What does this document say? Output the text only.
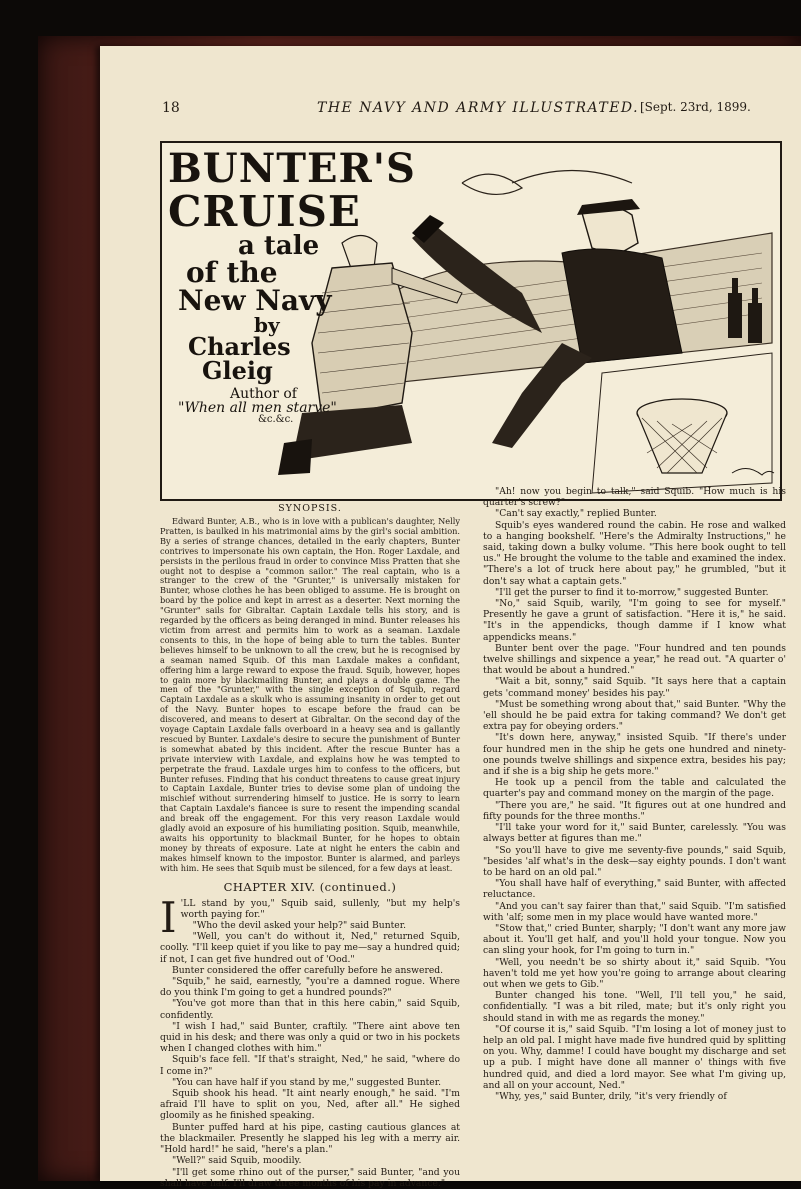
18	THE NAVY AND ARMY ILLUSTRATED. [Sept. 23rd, 1899.
BUNTER'S
CRUISE
a tale
of the
New Navy
by
Charles
Gleig
Author of
"When all men starve"
&c.&c.

SYNOPSIS.

Edward Bunter, A.B., who is in love with a publican's daughter, Nelly Pratten, is baulked in his matrimonial aims by the girl's social ambition. By a series of strange chances, detailed in the early chapters, Bunter contrives to impersonate his own captain, the Hon. Roger Laxdale, and persists in the perilous fraud in order to convince Miss Pratten that she ought not to despise a "common sailor." The real captain, who is a stranger to the crew of the "Grunter," is universally mistaken for Bunter, whose clothes he has been obliged to assume. He is brought on board by the police and kept in arrest as a deserter. Next morning the "Grunter" sails for Gibraltar. Captain Laxdale tells his story, and is regarded by the officers as being deranged in mind. Bunter releases his victim from arrest and permits him to work as a seaman. Laxdale consents to this, in the hope of being able to turn the tables. Bunter believes himself to be unknown to all the crew, but he is recognised by a seaman named Squib. Of this man Laxdale makes a confidant, offering him a large reward to expose the fraud. Squib, however, hopes to gain more by blackmailing Bunter, and plays a double game. The men of the "Grunter," with the single exception of Squib, regard Captain Laxdale as a skulk who is assuming insanity in order to get out of the Navy. Bunter hopes to escape before the fraud can be discovered, and means to desert at Gibraltar. On the second day of the voyage Captain Laxdale falls overboard in a heavy sea and is gallantly rescued by Bunter. Laxdale's desire to secure the punishment of Bunter is somewhat abated by this incident. After the rescue Bunter has a private interview with Laxdale, and explains how he was tempted to perpetrate the fraud. Laxdale urges him to confess to the officers, but Bunter refuses. Finding that his conduct threatens to cause great injury to Captain Laxdale, Bunter tries to devise some plan of undoing the mischief without surrendering himself to justice. He is sorry to learn that Captain Laxdale's fiancee is sure to resent the impending scandal and break off the engagement. For this very reason Laxdale would gladly avoid an exposure of his humiliating position. Squib, meanwhile, awaits his opportunity to blackmail Bunter, for he hopes to obtain money by threats of exposure. Late at night he enters the cabin and makes himself known to the impostor. Bunter is alarmed, and parleys with him. He sees that Squib must be silenced, for a few days at least.

CHAPTER XIV. (continued.)

I 'LL stand by you," Squib said, sullenly, "but my help's worth paying for."

"Who the devil asked your help?" said Bunter.

"Well, you can't do without it, Ned," returned Squib, coolly. "I'll keep quiet if you like to pay me—say a hundred quid; if not, I can get five hundred out of 'Ood."

Bunter considered the offer carefully before he answered.

"Squib," he said, earnestly, "you're a damned rogue. Where do you think I'm going to get a hundred pounds?"

"You've got more than that in this here cabin," said Squib, confidently.

"I wish I had," said Bunter, craftily. "There aint above ten quid in his desk; and there was only a quid or two in his pockets when I changed clothes with him."

Squib's face fell. "If that's straight, Ned," he said, "where do I come in?"

"You can have half if you stand by me," suggested Bunter.

Squib shook his head. "It aint nearly enough," he said. "I'm afraid I'll have to split on you, Ned, after all." He sighed gloomily as he finished speaking.

Bunter puffed hard at his pipe, casting cautious glances at the blackmailer. Presently he slapped his leg with a merry air. "Hold hard!" he said, "here's a plan."

"Well?" said Squib, moodily.

"I'll get some rhino out of the purser," said Bunter, "and you shall have half. I'll draw three months of his pay in advance."

"Ah! now you begin to talk," said Squib. "How much is his quarter's screw?"

"Can't say exactly," replied Bunter.

Squib's eyes wandered round the cabin. He rose and walked to a hanging bookshelf. "Here's the Admiralty Instructions," he said, taking down a bulky volume. "This here book ought to tell us." He brought the volume to the table and examined the index. "There's a lot of truck here about pay," he grumbled, "but it don't say what a captain gets."

"I'll get the purser to find it to-morrow," suggested Bunter.

"No," said Squib, warily, "I'm going to see for myself." Presently he gave a grunt of satisfaction. "Here it is," he said. "It's in the appendicks, though damme if I know what appendicks means."

Bunter bent over the page. "Four hundred and ten pounds twelve shillings and sixpence a year," he read out. "A quarter o' that would be about a hundred."

"Wait a bit, sonny," said Squib. "It says here that a captain gets 'command money' besides his pay."

"Must be something wrong about that," said Bunter. "Why the 'ell should he be paid extra for taking command? We don't get extra pay for obeying orders."

"It's down here, anyway," insisted Squib. "If there's under four hundred men in the ship he gets one hundred and ninety-one pounds twelve shillings and sixpence extra, besides his pay; and if she is a big ship he gets more."

He took up a pencil from the table and calculated the quarter's pay and command money on the margin of the page.

"There you are," he said. "It figures out at one hundred and fifty pounds for the three months."

"I'll take your word for it," said Bunter, carelessly. "You was always better at figures than me."

"So you'll have to give me seventy-five pounds," said Squib, "besides 'alf what's in the desk—say eighty pounds. I don't want to be hard on an old pal."

"You shall have half of everything," said Bunter, with affected reluctance.

"And you can't say fairer than that," said Squib. "I'm satisfied with 'alf; some men in my place would have wanted more."

"Stow that," cried Bunter, sharply; "I don't want any more jaw about it. You'll get half, and you'll hold your tongue. Now you can sling your hook, for I'm going to turn in."

"Well, you needn't be so shirty about it," said Squib. "You haven't told me yet how you're going to arrange about clearing out when we gets to Gib."

Bunter changed his tone. "Well, I'll tell you," he said, confidentially. "I was a bit riled, mate; but it's only right you should stand in with me as regards the money."

"Of course it is," said Squib. "I'm losing a lot of money just to help an old pal. I might have made five hundred quid by splitting on you. Why, damme! I could have bought my discharge and set up a pub. I might have done all manner o' things with five hundred quid, and died a lord mayor. See what I'm giving up, and all on your account, Ned."

"Why, yes," said Bunter, drily, "it's very friendly of
